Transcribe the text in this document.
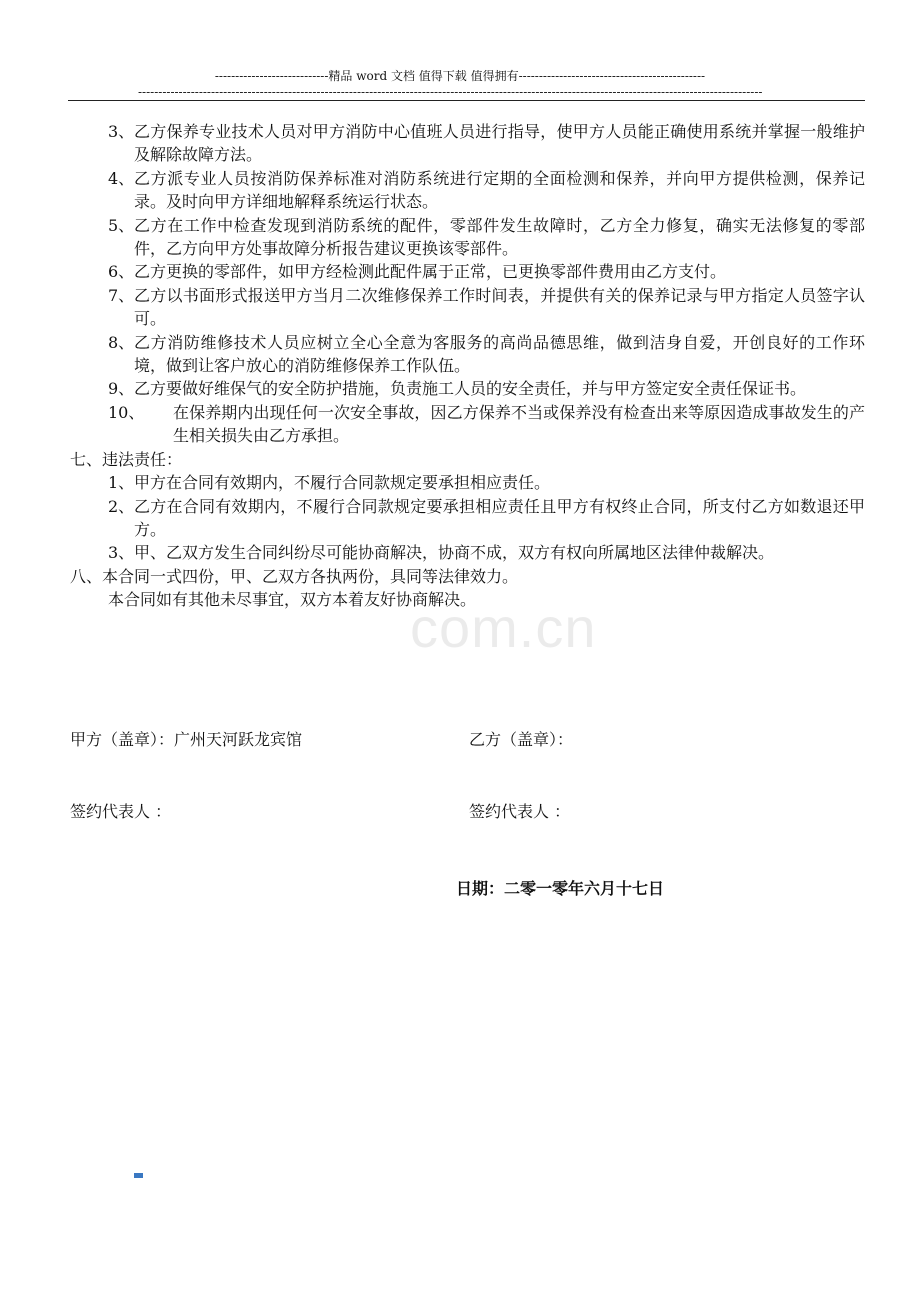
----------------------------精品 word 文档 值得下载 值得拥有----------------------------------------------
----------------------------------------------------------------------------------------------------------------------------------------------------------
com.cn
3、 乙方保养专业技术人员对甲方消防中心值班人员进行指导，使甲方人员能正确使用系统并掌握一般维护及解除故障方法。
4、 乙方派专业人员按消防保养标准对消防系统进行定期的全面检测和保养，并向甲方提供检测，保养记录。及时向甲方详细地解释系统运行状态。
5、 乙方在工作中检查发现到消防系统的配件，零部件发生故障时，乙方全力修复，确实无法修复的零部件，乙方向甲方处事故障分析报告建议更换该零部件。
6、 乙方更换的零部件，如甲方经检测此配件属于正常，已更换零部件费用由乙方支付。
7、 乙方以书面形式报送甲方当月二次维修保养工作时间表，并提供有关的保养记录与甲方指定人员签字认可。
8、 乙方消防维修技术人员应树立全心全意为客服务的高尚品德思维，做到洁身自爱，开创良好的工作环境，做到让客户放心的消防维修保养工作队伍。
9、 乙方要做好维保气的安全防护措施，负责施工人员的安全责任，并与甲方签定安全责任保证书。
10、 在保养期内出现任何一次安全事故，因乙方保养不当或保养没有检查出来等原因造成事故发生的产生相关损失由乙方承担。
七、违法责任：
1、 甲方在合同有效期内，不履行合同款规定要承担相应责任。
2、 乙方在合同有效期内，不履行合同款规定要承担相应责任且甲方有权终止合同，所支付乙方如数退还甲方。
3、 甲、乙双方发生合同纠纷尽可能协商解决，协商不成，双方有权向所属地区法律仲裁解决。
八、本合同一式四份，甲、乙双方各执两份，具同等法律效力。
本合同如有其他未尽事宜，双方本着友好协商解决。
甲方（盖章）：广州天河跃龙宾馆	乙方（盖章）：
签约代表人 ：	签约代表人 ：
日期：二零一零年六月十七日
